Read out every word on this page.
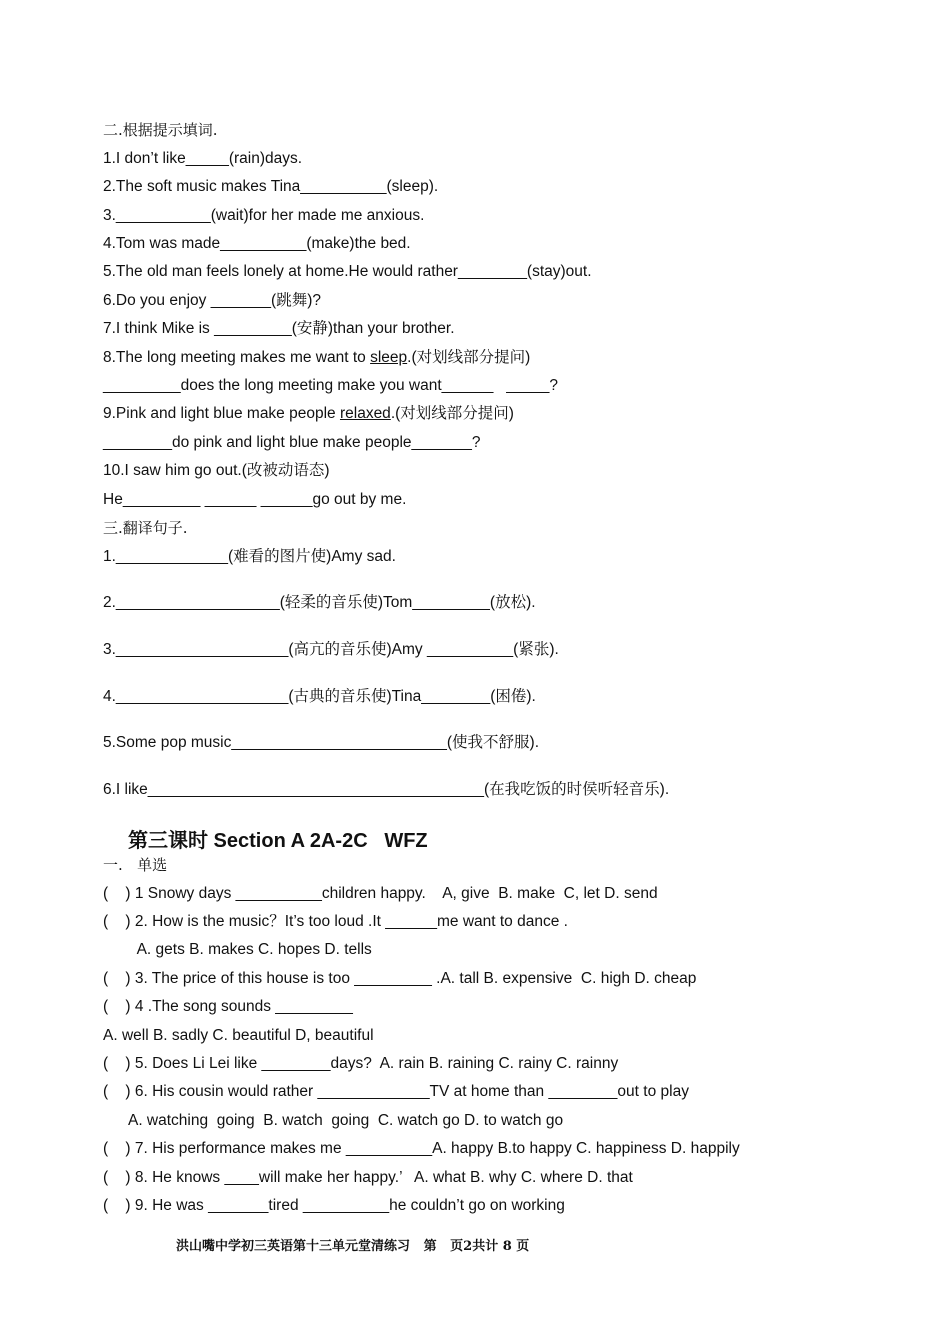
二.根据提示填词.
1.I don’t like_____(rain)days.
2.The soft music makes Tina__________(sleep).
3.___________(wait)for her made me anxious.
4.Tom was made__________(make)the bed.
5.The old man feels lonely at home.He would rather________(stay)out.
6.Do you enjoy _______(跳舞)?
7.I think Mike is _________(安静)than your brother.
8.The long meeting makes me want to sleep.(对划线部分提问)
_________does the long meeting make you want______   _____?
9.Pink and light blue make people relaxed.(对划线部分提问)
________do pink and light blue make people_______?
10.I saw him go out.(改被动语态)
He_________ ______ ______go out by me.
三.翻译句子.
1._____________(难看的图片使)Amy sad.
2.___________________(轻柔的音乐使)Tom_________(放松).
3.____________________(高亢的音乐使)Amy __________(紧张).
4.____________________(古典的音乐使)Tina________(困倦).
5.Some pop music_________________________(使我不舒服).
6.I like_______________________________________(在我吃饭的时侯听轻音乐).
第三课时 Section A 2A-2C   WFZ
一.   单选
(    ) 1 Snowy days __________children happy.    A, give  B. make  C, let D. send
(    ) 2. How is the music？It’s too loud .It ______me want to dance .
A. gets B. makes C. hopes D. tells
(    ) 3. The price of this house is too _________ .A. tall B. expensive  C. high D. cheap
(    ) 4 .The song sounds _________
A. well B. sadly C. beautiful D, beautiful
(    ) 5. Does Li Lei like ________days?  A. rain B. raining C. rainy C. rainny
(    ) 6. His cousin would rather _____________TV at home than ________out to play
A. watching  going  B. watch  going  C. watch go D. to watch go
(    ) 7. His performance makes me __________A. happy B.to happy C. happiness D. happily
(    ) 8. He knows ____will make her happy.’   A. what B. why C. where D. that
(    ) 9. He was _______tired __________he couldn’t go on working
洪山嘴中学初三英语第十三单元堂清练习   第   页2共计 8 页
